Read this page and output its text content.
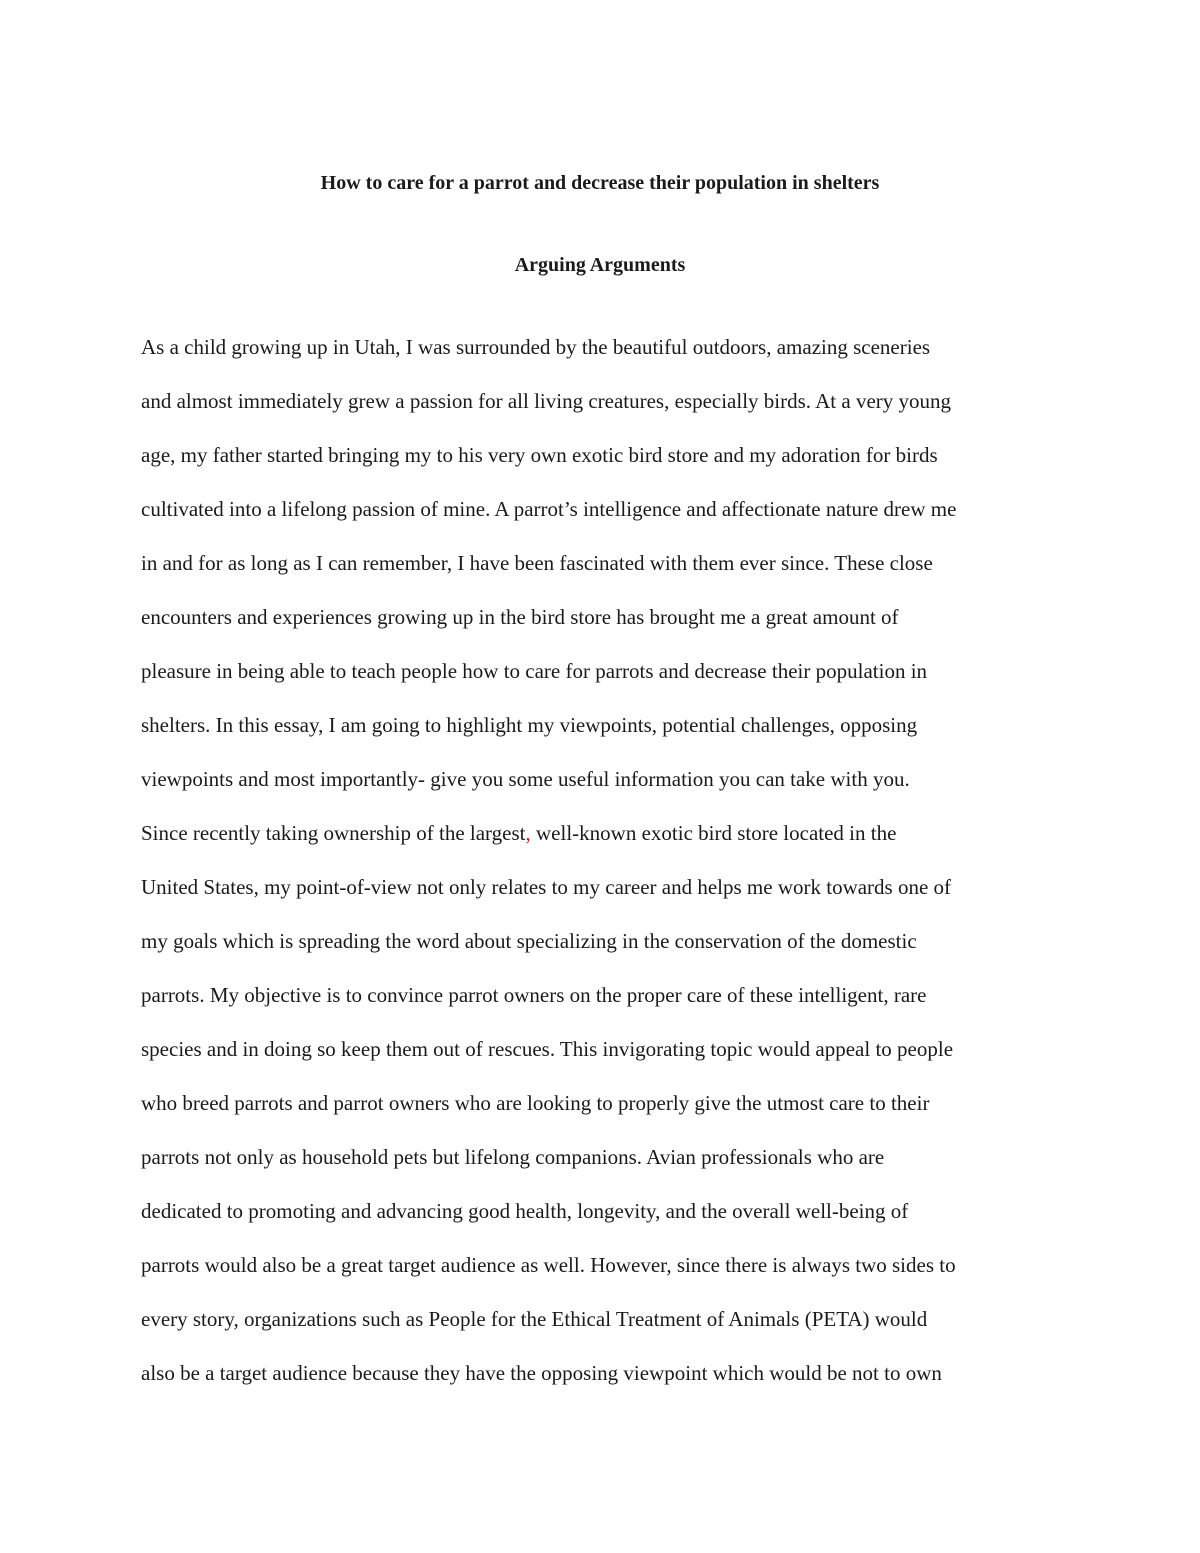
How to care for a parrot and decrease their population in shelters
Arguing Arguments

As a child growing up in Utah, I was surrounded by the beautiful outdoors, amazing sceneries

and almost immediately grew a passion for all living creatures, especially birds. At a very young

age, my father started bringing my to his very own exotic bird store and my adoration for birds

cultivated into a lifelong passion of mine. A parrot’s intelligence and affectionate nature drew me

in and for as long as I can remember, I have been fascinated with them ever since. These close

encounters and experiences growing up in the bird store has brought me a great amount of

pleasure in being able to teach people how to care for parrots and decrease their population in

shelters. In this essay, I am going to highlight my viewpoints, potential challenges, opposing

viewpoints and most importantly- give you some useful information you can take with you.

Since recently taking ownership of the largest, well-known exotic bird store located in the

United States, my point-of-view not only relates to my career and helps me work towards one of

my goals which is spreading the word about specializing in the conservation of the domestic

parrots. My objective is to convince parrot owners on the proper care of these intelligent, rare

species and in doing so keep them out of rescues. This invigorating topic would appeal to people

who breed parrots and parrot owners who are looking to properly give the utmost care to their

parrots not only as household pets but lifelong companions. Avian professionals who are

dedicated to promoting and advancing good health, longevity, and the overall well-being of

parrots would also be a great target audience as well. However, since there is always two sides to

every story, organizations such as People for the Ethical Treatment of Animals (PETA) would

also be a target audience because they have the opposing viewpoint which would be not to own
